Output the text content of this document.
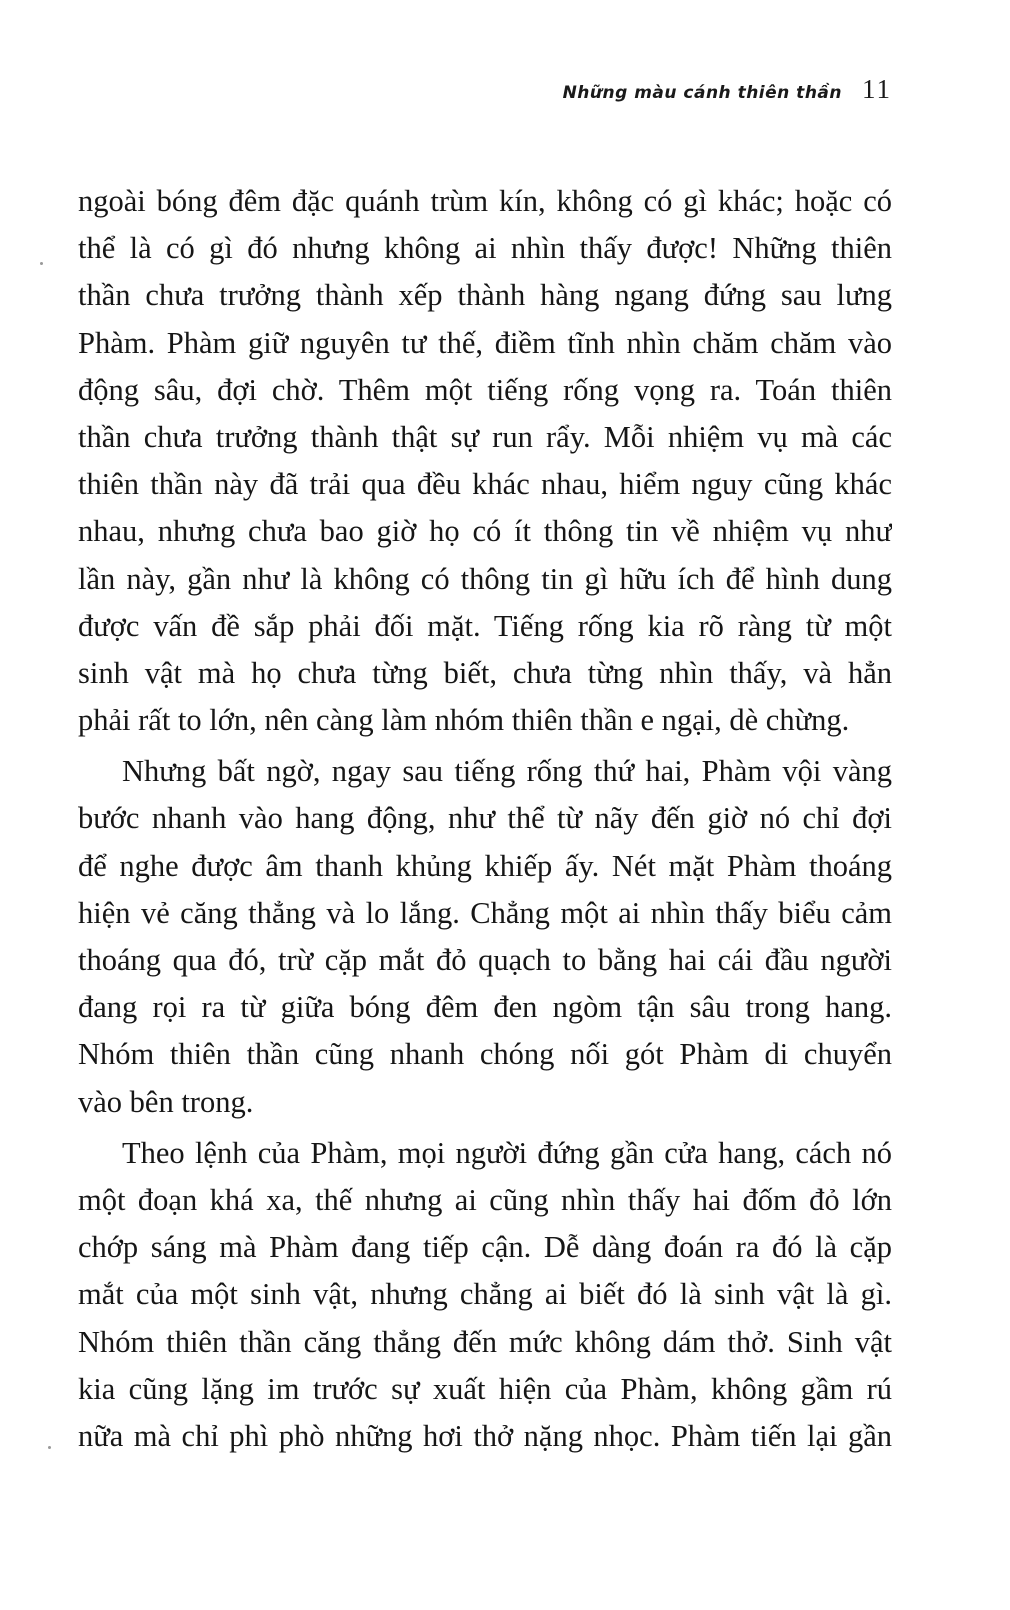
Những màu cánh thiên thần 11
ngoài bóng đêm đặc quánh trùm kín, không có gì khác; hoặc có
thể là có gì đó nhưng không ai nhìn thấy được! Những thiên
thần chưa trưởng thành xếp thành hàng ngang đứng sau lưng
Phàm. Phàm giữ nguyên tư thế, điềm tĩnh nhìn chăm chăm vào
động sâu, đợi chờ. Thêm một tiếng rống vọng ra. Toán thiên
thần chưa trưởng thành thật sự run rẩy. Mỗi nhiệm vụ mà các
thiên thần này đã trải qua đều khác nhau, hiểm nguy cũng khác
nhau, nhưng chưa bao giờ họ có ít thông tin về nhiệm vụ như
lần này, gần như là không có thông tin gì hữu ích để hình dung
được vấn đề sắp phải đối mặt. Tiếng rống kia rõ ràng từ một
sinh vật mà họ chưa từng biết, chưa từng nhìn thấy, và hẳn
phải rất to lớn, nên càng làm nhóm thiên thần e ngại, dè chừng.
Nhưng bất ngờ, ngay sau tiếng rống thứ hai, Phàm vội vàng
bước nhanh vào hang động, như thể từ nãy đến giờ nó chỉ đợi
để nghe được âm thanh khủng khiếp ấy. Nét mặt Phàm thoáng
hiện vẻ căng thẳng và lo lắng. Chẳng một ai nhìn thấy biểu cảm
thoáng qua đó, trừ cặp mắt đỏ quạch to bằng hai cái đầu người
đang rọi ra từ giữa bóng đêm đen ngòm tận sâu trong hang.
Nhóm thiên thần cũng nhanh chóng nối gót Phàm di chuyển
vào bên trong.
Theo lệnh của Phàm, mọi người đứng gần cửa hang, cách nó
một đoạn khá xa, thế nhưng ai cũng nhìn thấy hai đốm đỏ lớn
chớp sáng mà Phàm đang tiếp cận. Dễ dàng đoán ra đó là cặp
mắt của một sinh vật, nhưng chẳng ai biết đó là sinh vật là gì.
Nhóm thiên thần căng thẳng đến mức không dám thở. Sinh vật
kia cũng lặng im trước sự xuất hiện của Phàm, không gầm rú
nữa mà chỉ phì phò những hơi thở nặng nhọc. Phàm tiến lại gần
